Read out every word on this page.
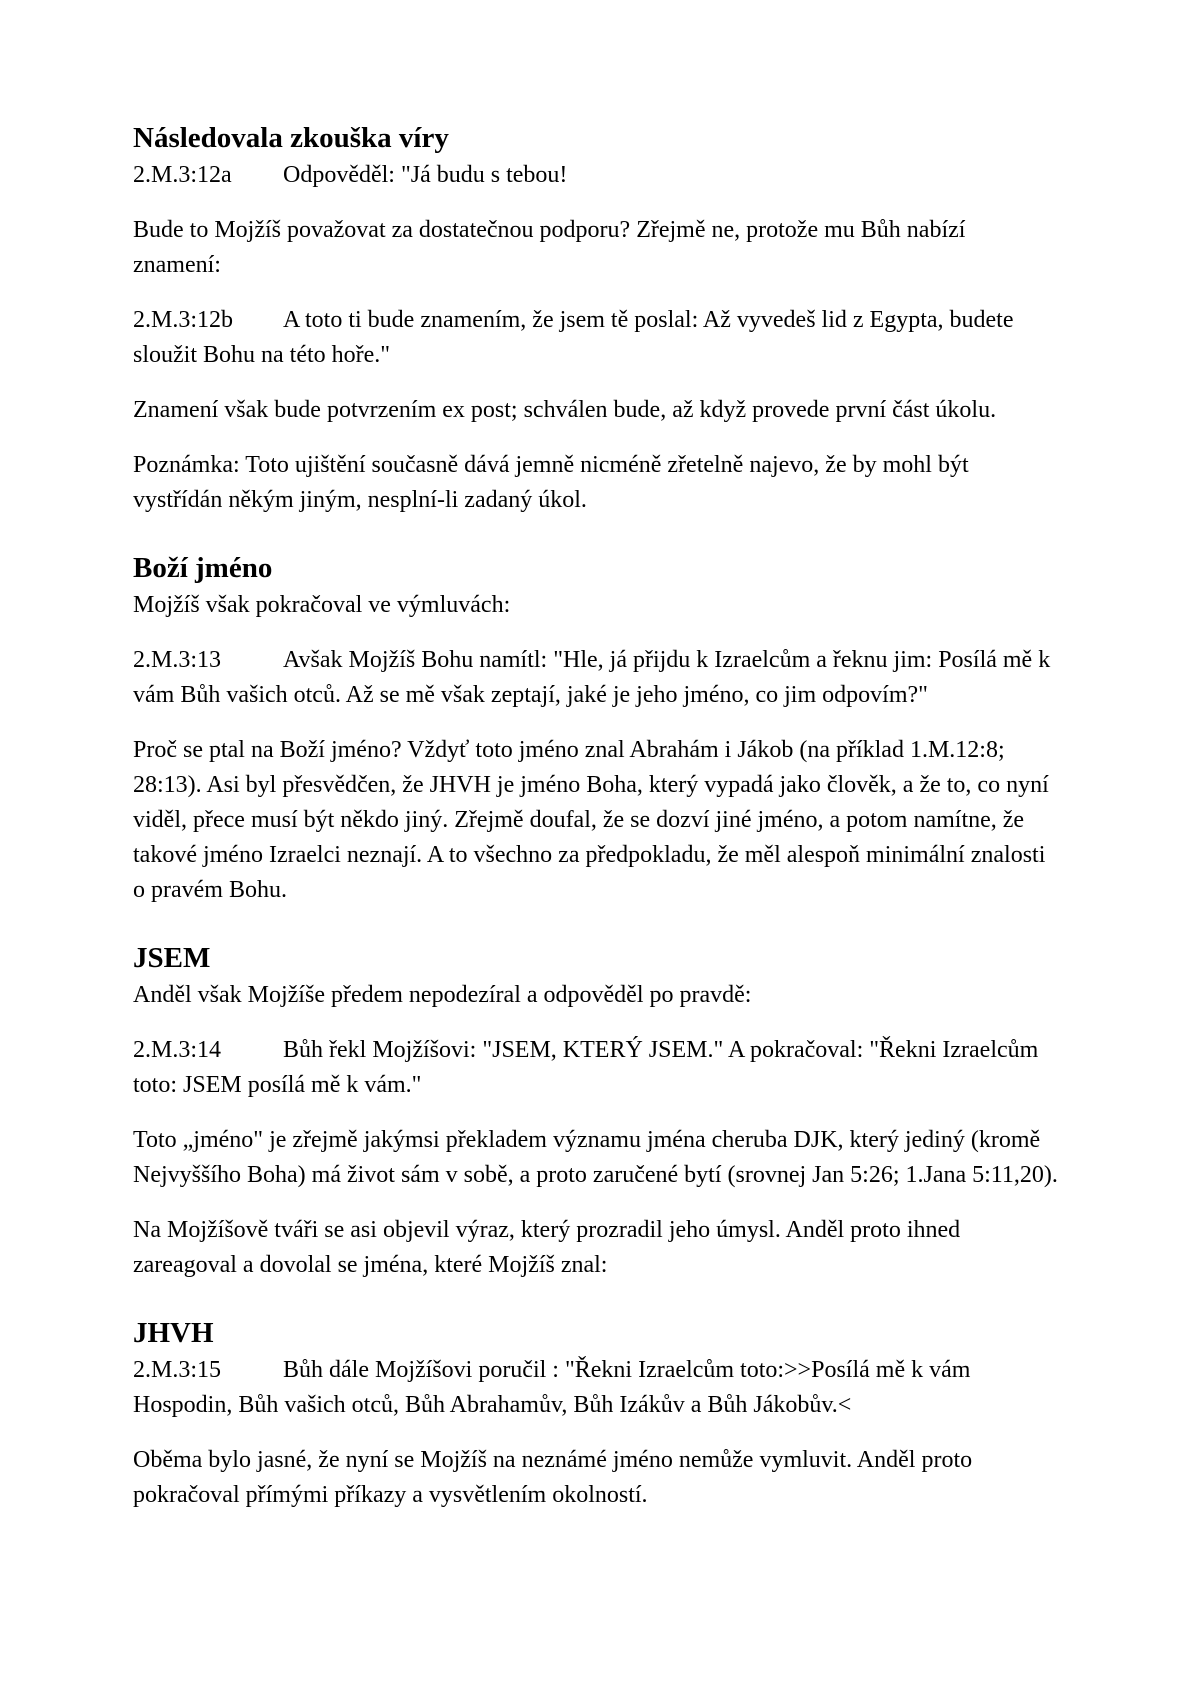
Následovala zkouška víry

2.M.3:12a Odpověděl: "Já budu s tebou!

Bude to Mojžíš považovat za dostatečnou podporu? Zřejmě ne, protože mu Bůh nabízí znamení:

2.M.3:12b A toto ti bude znamením, že jsem tě poslal: Až vyvedeš lid z Egypta, budete sloužit Bohu na této hoře."

Znamení však bude potvrzením ex post; schválen bude, až když provede první část úkolu.

Poznámka: Toto ujištění současně dává jemně nicméně zřetelně najevo, že by mohl být vystřídán někým jiným, nesplní-li zadaný úkol.

Boží jméno

Mojžíš však pokračoval ve výmluvách:

2.M.3:13	Avšak Mojžíš Bohu namítl: "Hle, já přijdu k Izraelcům a řeknu jim: Posílá mě k vám Bůh vašich otců. Až se mě však zeptají, jaké je jeho jméno, co jim odpovím?"

Proč se ptal na Boží jméno? Vždyť toto jméno znal Abrahám i Jákob (na příklad 1.M.12:8; 28:13). Asi byl přesvědčen, že JHVH je jméno Boha, který vypadá jako člověk, a že to, co nyní viděl, přece musí být někdo jiný. Zřejmě doufal, že se dozví jiné jméno, a potom namítne, že takové jméno Izraelci neznají. A to všechno za předpokladu, že měl alespoň minimální znalosti o pravém Bohu.

JSEM

Anděl však Mojžíše předem nepodezíral a odpověděl po pravdě:

2.M.3:14	Bůh řekl Mojžíšovi: "JSEM, KTERÝ JSEM." A pokračoval: "Řekni Izraelcům toto: JSEM posílá mě k vám."

Toto „jméno" je zřejmě jakýmsi překladem významu jména cheruba DJK, který jediný (kromě Nejvyššího Boha) má život sám v sobě, a proto zaručené bytí (srovnej Jan 5:26; 1.Jana 5:11,20).

Na Mojžíšově tváři se asi objevil výraz, který prozradil jeho úmysl. Anděl proto ihned zareagoval a dovolal se jména, které Mojžíš znal:

JHVH

2.M.3:15	Bůh dále Mojžíšovi poručil : "Řekni Izraelcům toto:>>Posílá mě k vám Hospodin, Bůh vašich otců, Bůh Abrahamův, Bůh Izákův a Bůh Jákobův.<

Oběma bylo jasné, že nyní se Mojžíš na neznámé jméno nemůže vymluvit. Anděl proto pokračoval přímými příkazy a vysvětlením okolností.
